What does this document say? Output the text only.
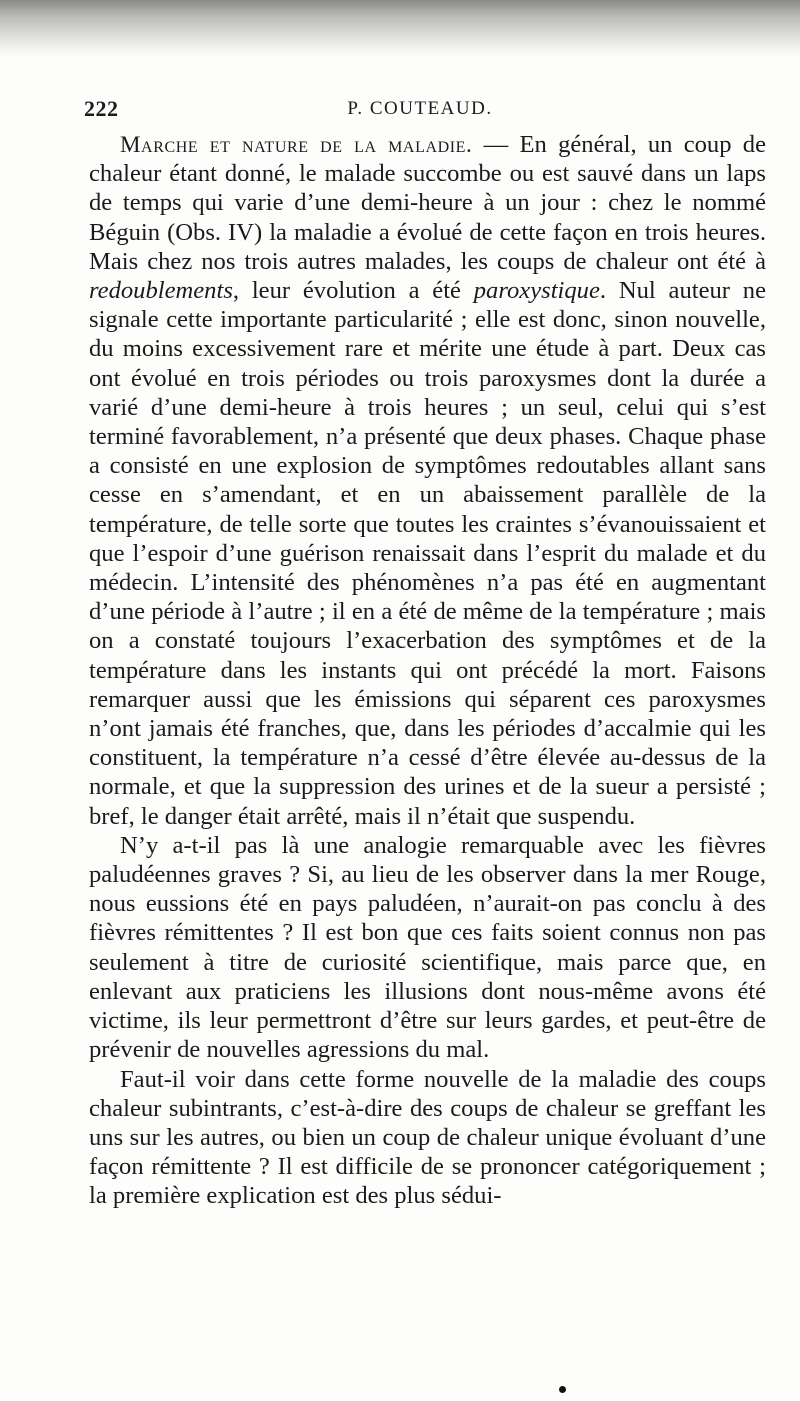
222	P. COUTEAUD.

Marche et nature de la maladie. — En général, un coup de chaleur étant donné, le malade succombe ou est sauvé dans un laps de temps qui varie d’une demi-heure à un jour : chez le nommé Béguin (Obs. IV) la maladie a évolué de cette façon en trois heures. Mais chez nos trois autres malades, les coups de chaleur ont été à redoublements, leur évolution a été paroxystique. Nul auteur ne signale cette importante particularité ; elle est donc, sinon nouvelle, du moins excessivement rare et mérite une étude à part. Deux cas ont évolué en trois périodes ou trois paroxysmes dont la durée a varié d’une demi-heure à trois heures ; un seul, celui qui s’est terminé favorablement, n’a présenté que deux phases. Chaque phase a consisté en une explosion de symptômes redoutables allant sans cesse en s’amendant, et en un abaissement parallèle de la température, de telle sorte que toutes les craintes s’évanouissaient et que l’espoir d’une guérison renaissait dans l’esprit du malade et du médecin. L’intensité des phénomènes n’a pas été en augmentant d’une période à l’autre ; il en a été de même de la température ; mais on a constaté toujours l’exacerbation des symptômes et de la température dans les instants qui ont précédé la mort. Faisons remarquer aussi que les émissions qui séparent ces paroxysmes n’ont jamais été franches, que, dans les périodes d’accalmie qui les constituent, la température n’a cessé d’être élevée au-dessus de la normale, et que la suppression des urines et de la sueur a persisté ; bref, le danger était arrêté, mais il n’était que suspendu.

N’y a-t-il pas là une analogie remarquable avec les fièvres paludéennes graves ? Si, au lieu de les observer dans la mer Rouge, nous eussions été en pays paludéen, n’aurait-on pas conclu à des fièvres rémittentes ? Il est bon que ces faits soient connus non pas seulement à titre de curiosité scientifique, mais parce que, en enlevant aux praticiens les illusions dont nous-même avons été victime, ils leur permettront d’être sur leurs gardes, et peut-être de prévenir de nouvelles agressions du mal.

Faut-il voir dans cette forme nouvelle de la maladie des coups chaleur subintrants, c’est-à-dire des coups de chaleur se greffant les uns sur les autres, ou bien un coup de chaleur unique évoluant d’une façon rémittente ? Il est difficile de se prononcer catégoriquement ; la première explication est des plus sédui-
